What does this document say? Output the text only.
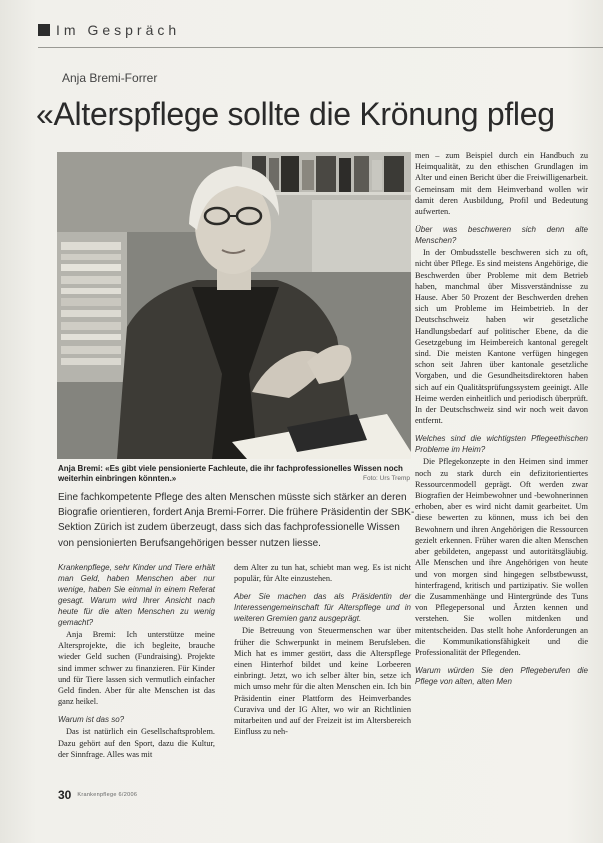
Im Gespräch
Anja Bremi-Forrer
«Alterspflege sollte die Krönung pfleg
Anja Bremi: «Es gibt viele pensionierte Fachleute, die ihr fachprofessionelles Wissen noch weiterhin einbringen könnten.»	Foto: Urs Tremp
Eine fachkompetente Pflege des alten Menschen müsste sich stärker an deren Biografie orientieren, fordert Anja Bremi-Forrer. Die frühere Präsidentin der SBK-Sektion Zürich ist zudem überzeugt, dass sich das fachprofessionelle Wissen von pensionierten Berufsangehörigen besser nutzen liesse.

Krankenpflege, sehr Kinder und Tiere erhält man Geld, haben Menschen aber nur wenige, haben Sie einmal in einem Referat gesagt. Warum wird Ihrer Ansicht nach heute für die alten Menschen zu wenig gemacht?

Anja Bremi: Ich unterstütze meine Altersprojekte, die ich begleite, brauche wieder Geld suchen (Fundraising). Projekte sind immer schwer zu finanzieren. Für Kinder und für Tiere lassen sich vermutlich einfacher Geld finden. Aber für alte Menschen ist das ganz heikel.

Warum ist das so?

Das ist natürlich ein Gesellschaftsproblem. Dazu gehört auf den Sport, dazu die Kultur, der Sinnfrage. Alles was mit

dem Alter zu tun hat, schiebt man weg. Es ist nicht populär, für Alte einzustehen.

Aber Sie machen das als Präsidentin der Interessengemeinschaft für Alterspflege und in weiteren Gremien ganz ausgeprägt.

Die Betreuung von Steuermenschen war über früher die Schwerpunkt in meinem Berufsleben. Mich hat es immer gestört, dass die Alterspflege einen Hinterhof bildet und keine Lorbeeren einbringt. Jetzt, wo ich selber älter bin, setze ich mich umso mehr für die alten Menschen ein. Ich bin Präsidentin einer Plattform des Heimverbandes Curaviva und der IG Alter, wo wir an Richtlinien mitarbeiten und auf der Freizeit ist im Altersbereich Einfluss zu neh-

men – zum Beispiel durch ein Handbuch zu Heimqualität, zu den ethischen Grundlagen im Alter und einen Bericht über die Freiwilligenarbeit. Gemeinsam mit dem Heimverband wollen wir damit deren Ausbildung, Profil und Bedeutung aufwerten.

Über was beschweren sich denn alte Menschen?

In der Ombudsstelle beschweren sich zu oft, nicht über Pflege. Es sind meistens Angehörige, die Beschwerden über Probleme mit dem Betrieb haben, manchmal über Missverständnisse zu Hause. Aber 50 Prozent der Beschwerden drehen sich um Probleme im Heimbetrieb. In der Deutschschweiz haben wir gesetzliche Handlungsbedarf auf politischer Ebene, da die Gesetzgebung im Heimbereich kantonal geregelt sind. Die meisten Kantone verfügen hingegen schon seit Jahren über kantonale gesetzliche Vorgaben, und die Gesundheitsdirektoren haben sich auf ein Qualitätsprüfungssystem geeinigt. Alle Heime werden einheitlich und periodisch überprüft. In der Deutschschweiz sind wir noch weit davon entfernt.

Welches sind die wichtigsten Pflegeethischen Probleme im Heim?

Die Pflegekonzepte in den Heimen sind immer noch zu stark durch ein defizitorientiertes Ressourcenmodell geprägt. Oft werden zwar Biografien der Heimbewohner und -bewohnerinnen erhoben, aber es wird nicht damit gearbeitet. Um diese bewerten zu können, muss ich bei den Bewohnern und ihren Angehörigen die Ressourcen gezielt erkennen. Früher waren die alten Menschen aber gebildeten, angepasst und autoritätsgläubig. Alle Menschen und ihre Angehörigen von heute und von morgen sind hingegen selbstbewusst, hinterfragend, kritisch und partizipativ. Sie wollen die Zusammenhänge und Hintergründe des Tuns von Pflegepersonal und Ärzten kennen und verstehen. Sie wollen mitdenken und mitentscheiden. Das stellt hohe Anforderungen an die Kommunikationsfähigkeit und die Professionalität der Pflegenden.

Warum würden Sie den Pflegeberufen die Pflege von alten, alten Men

30 Krankenpflege 6/2006
